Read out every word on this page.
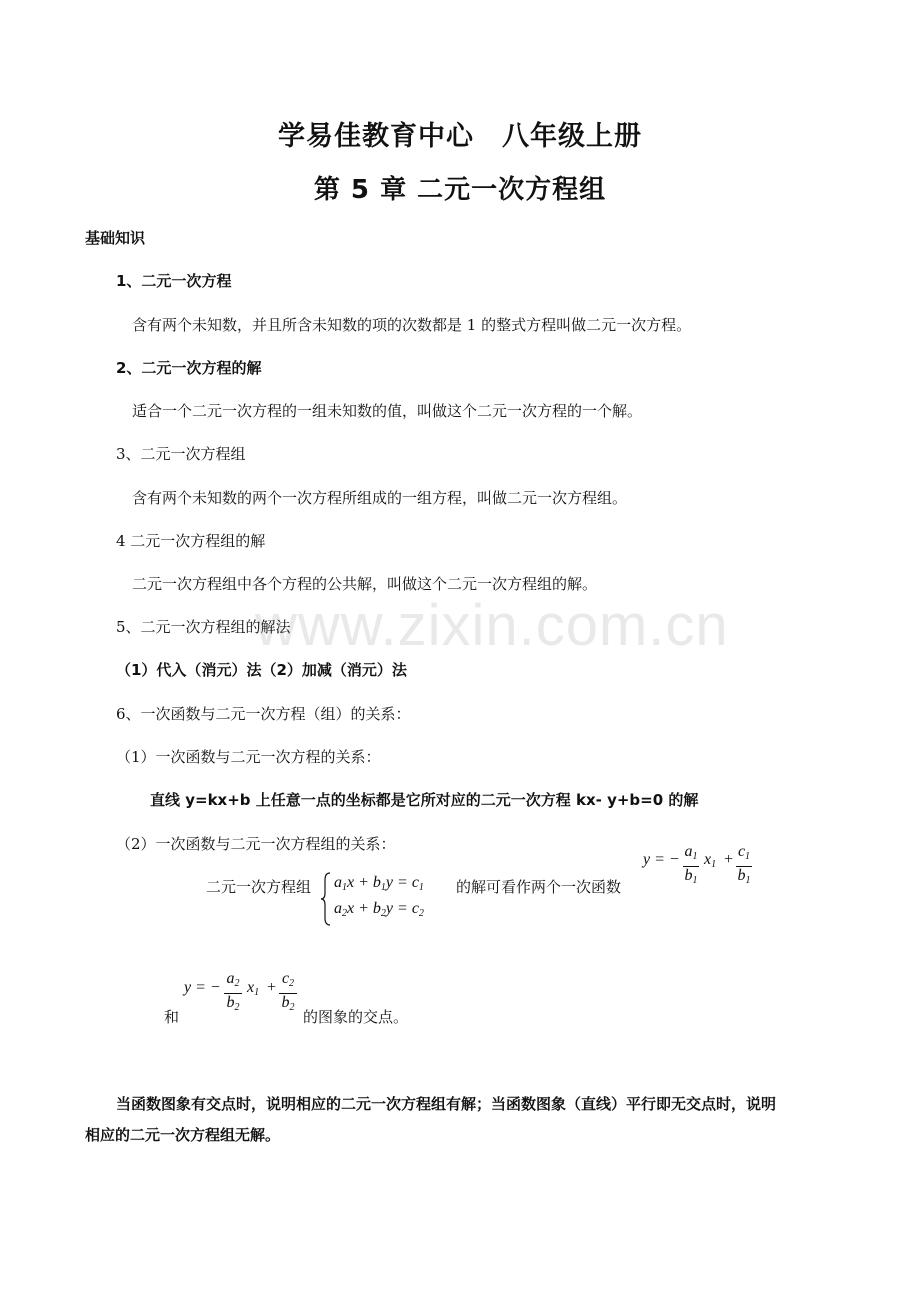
www.zixin.com.cn
学易佳教育中心　八年级上册
第 5 章 二元一次方程组
基础知识
1、二元一次方程
含有两个未知数，并且所含未知数的项的次数都是 1 的整式方程叫做二元一次方程。
2、二元一次方程的解
适合一个二元一次方程的一组未知数的值，叫做这个二元一次方程的一个解。
3、二元一次方程组
含有两个未知数的两个一次方程所组成的一组方程，叫做二元一次方程组。
4 二元一次方程组的解
二元一次方程组中各个方程的公共解，叫做这个二元一次方程组的解。
5、二元一次方程组的解法
（1）代入（消元）法（2）加减（消元）法
6、一次函数与二元一次方程（组）的关系：
（1）一次函数与二元一次方程的关系：
直线 y=kx+b 上任意一点的坐标都是它所对应的二元一次方程 kx- y+b=0 的解
（2）一次函数与二元一次方程组的关系：
y = − $a_1$
$b_1$
$x_1 + c_1$
$b_1$
二元一次方程组 $a_1x + b_1y = c_1$
$a_2x + b_2y = c_2$
的解可看作两个一次函数
和
y = −
$a_2$
$b_2$
$x_1$ +
$c_2$
$b_2$
的图象的交点。
当函数图象有交点时，说明相应的二元一次方程组有解；当函数图象（直线）平行即无交点时，说明
相应的二元一次方程组无解。
